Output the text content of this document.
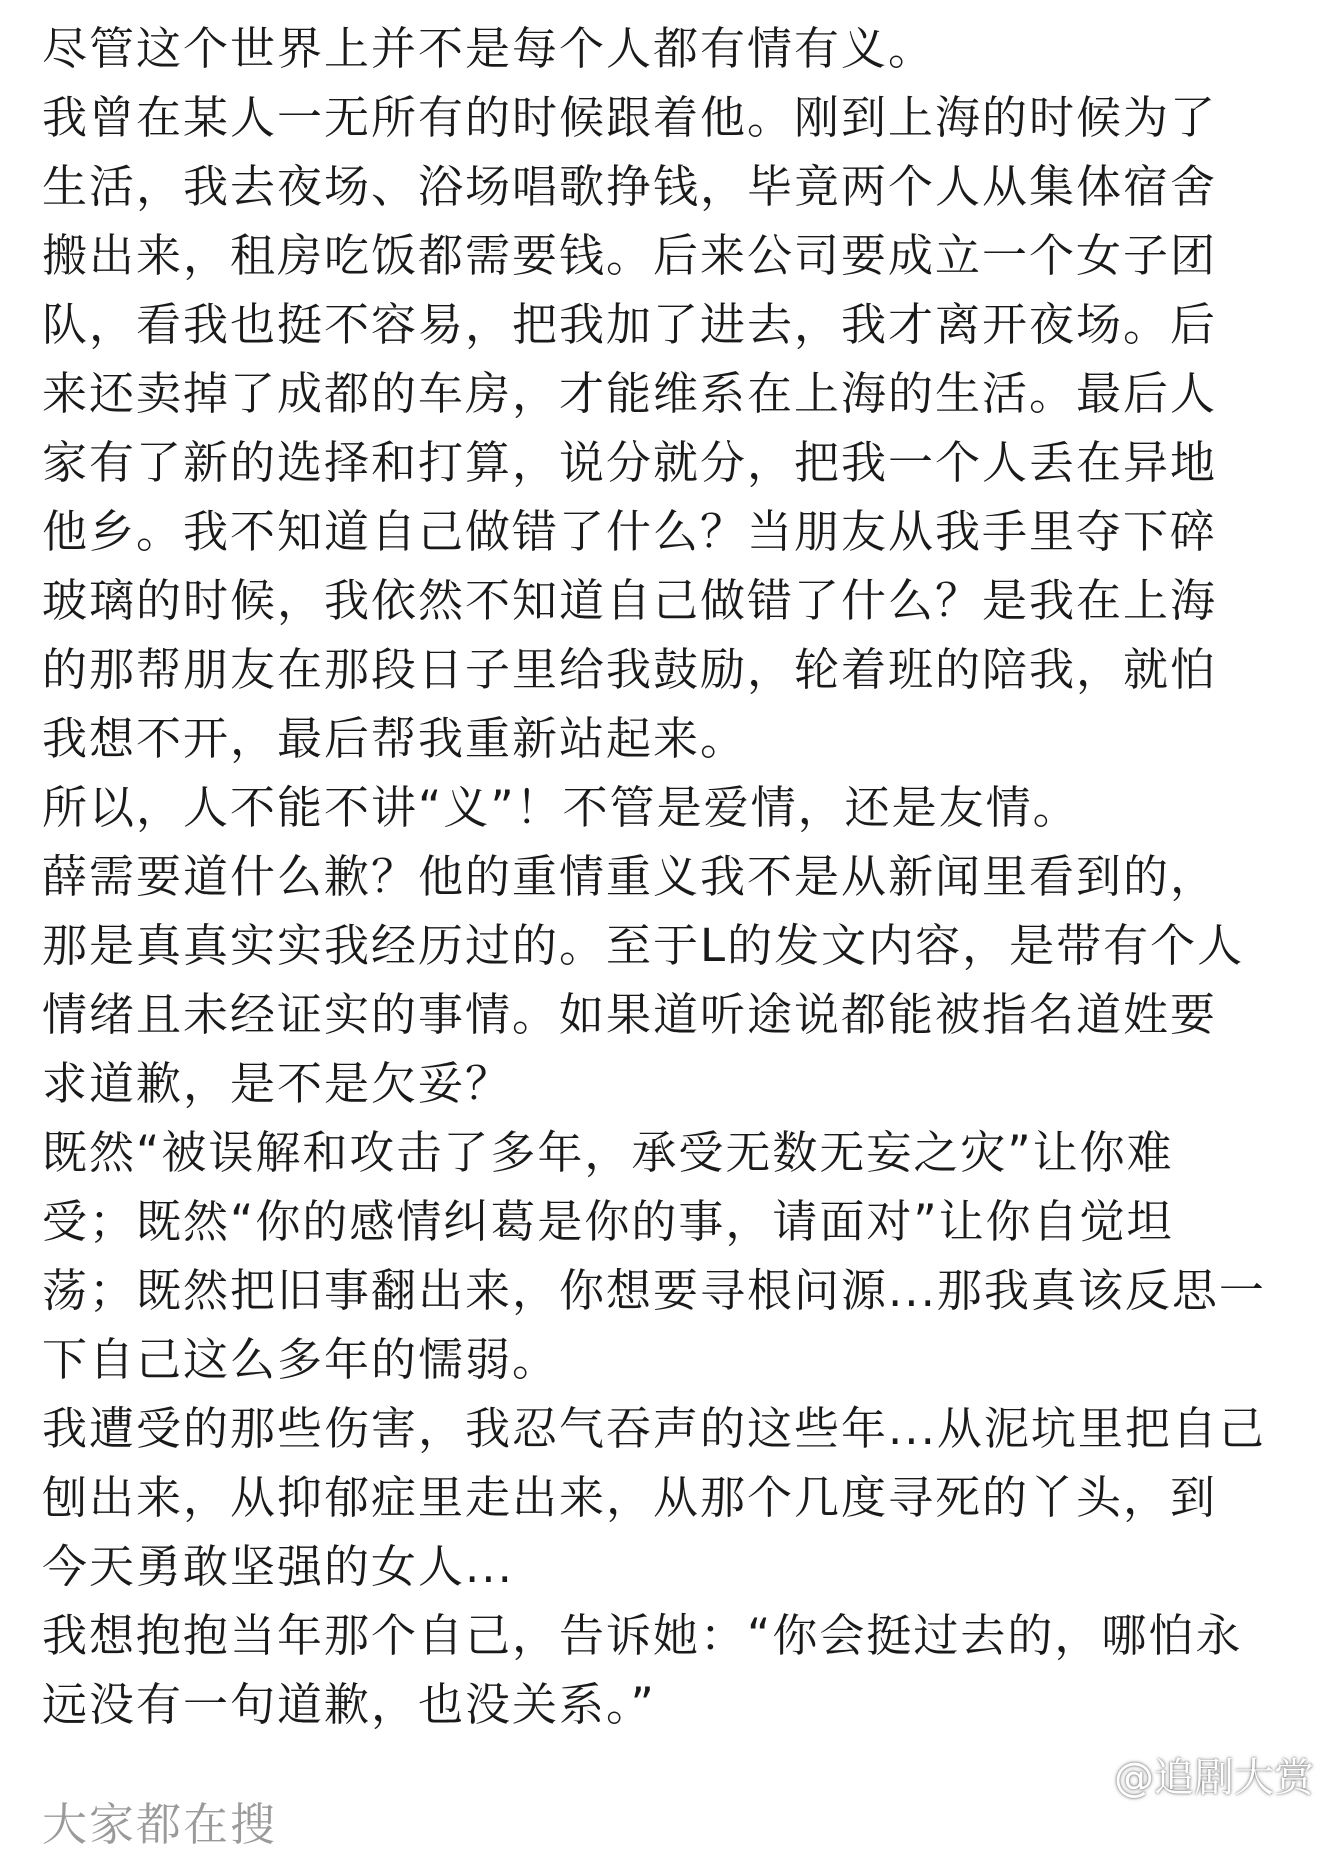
尽管这个世界上并不是每个人都有情有义。
我曾在某人一无所有的时候跟着他。刚到上海的时候为了
生活，我去夜场、浴场唱歌挣钱，毕竟两个人从集体宿舍
搬出来，租房吃饭都需要钱。后来公司要成立一个女子团
队，看我也挺不容易，把我加了进去，我才离开夜场。后
来还卖掉了成都的车房，才能维系在上海的生活。最后人
家有了新的选择和打算，说分就分，把我一个人丢在异地
他乡。我不知道自己做错了什么？当朋友从我手里夺下碎
玻璃的时候，我依然不知道自己做错了什么？是我在上海
的那帮朋友在那段日子里给我鼓励，轮着班的陪我，就怕
我想不开，最后帮我重新站起来。
所以，人不能不讲“义”！不管是爱情，还是友情。
薛需要道什么歉？他的重情重义我不是从新闻里看到的，
那是真真实实我经历过的。至于L的发文内容，是带有个人
情绪且未经证实的事情。如果道听途说都能被指名道姓要
求道歉，是不是欠妥？
既然“被误解和攻击了多年，承受无数无妄之灾”让你难
受；既然“你的感情纠葛是你的事，请面对”让你自觉坦
荡；既然把旧事翻出来，你想要寻根问源...那我真该反思一
下自己这么多年的懦弱。
我遭受的那些伤害，我忍气吞声的这些年...从泥坑里把自己
刨出来，从抑郁症里走出来，从那个几度寻死的丫头，到
今天勇敢坚强的女人...
我想抱抱当年那个自己，告诉她：“你会挺过去的，哪怕永
远没有一句道歉，也没关系。”

大家都在搜
@追剧大赏
